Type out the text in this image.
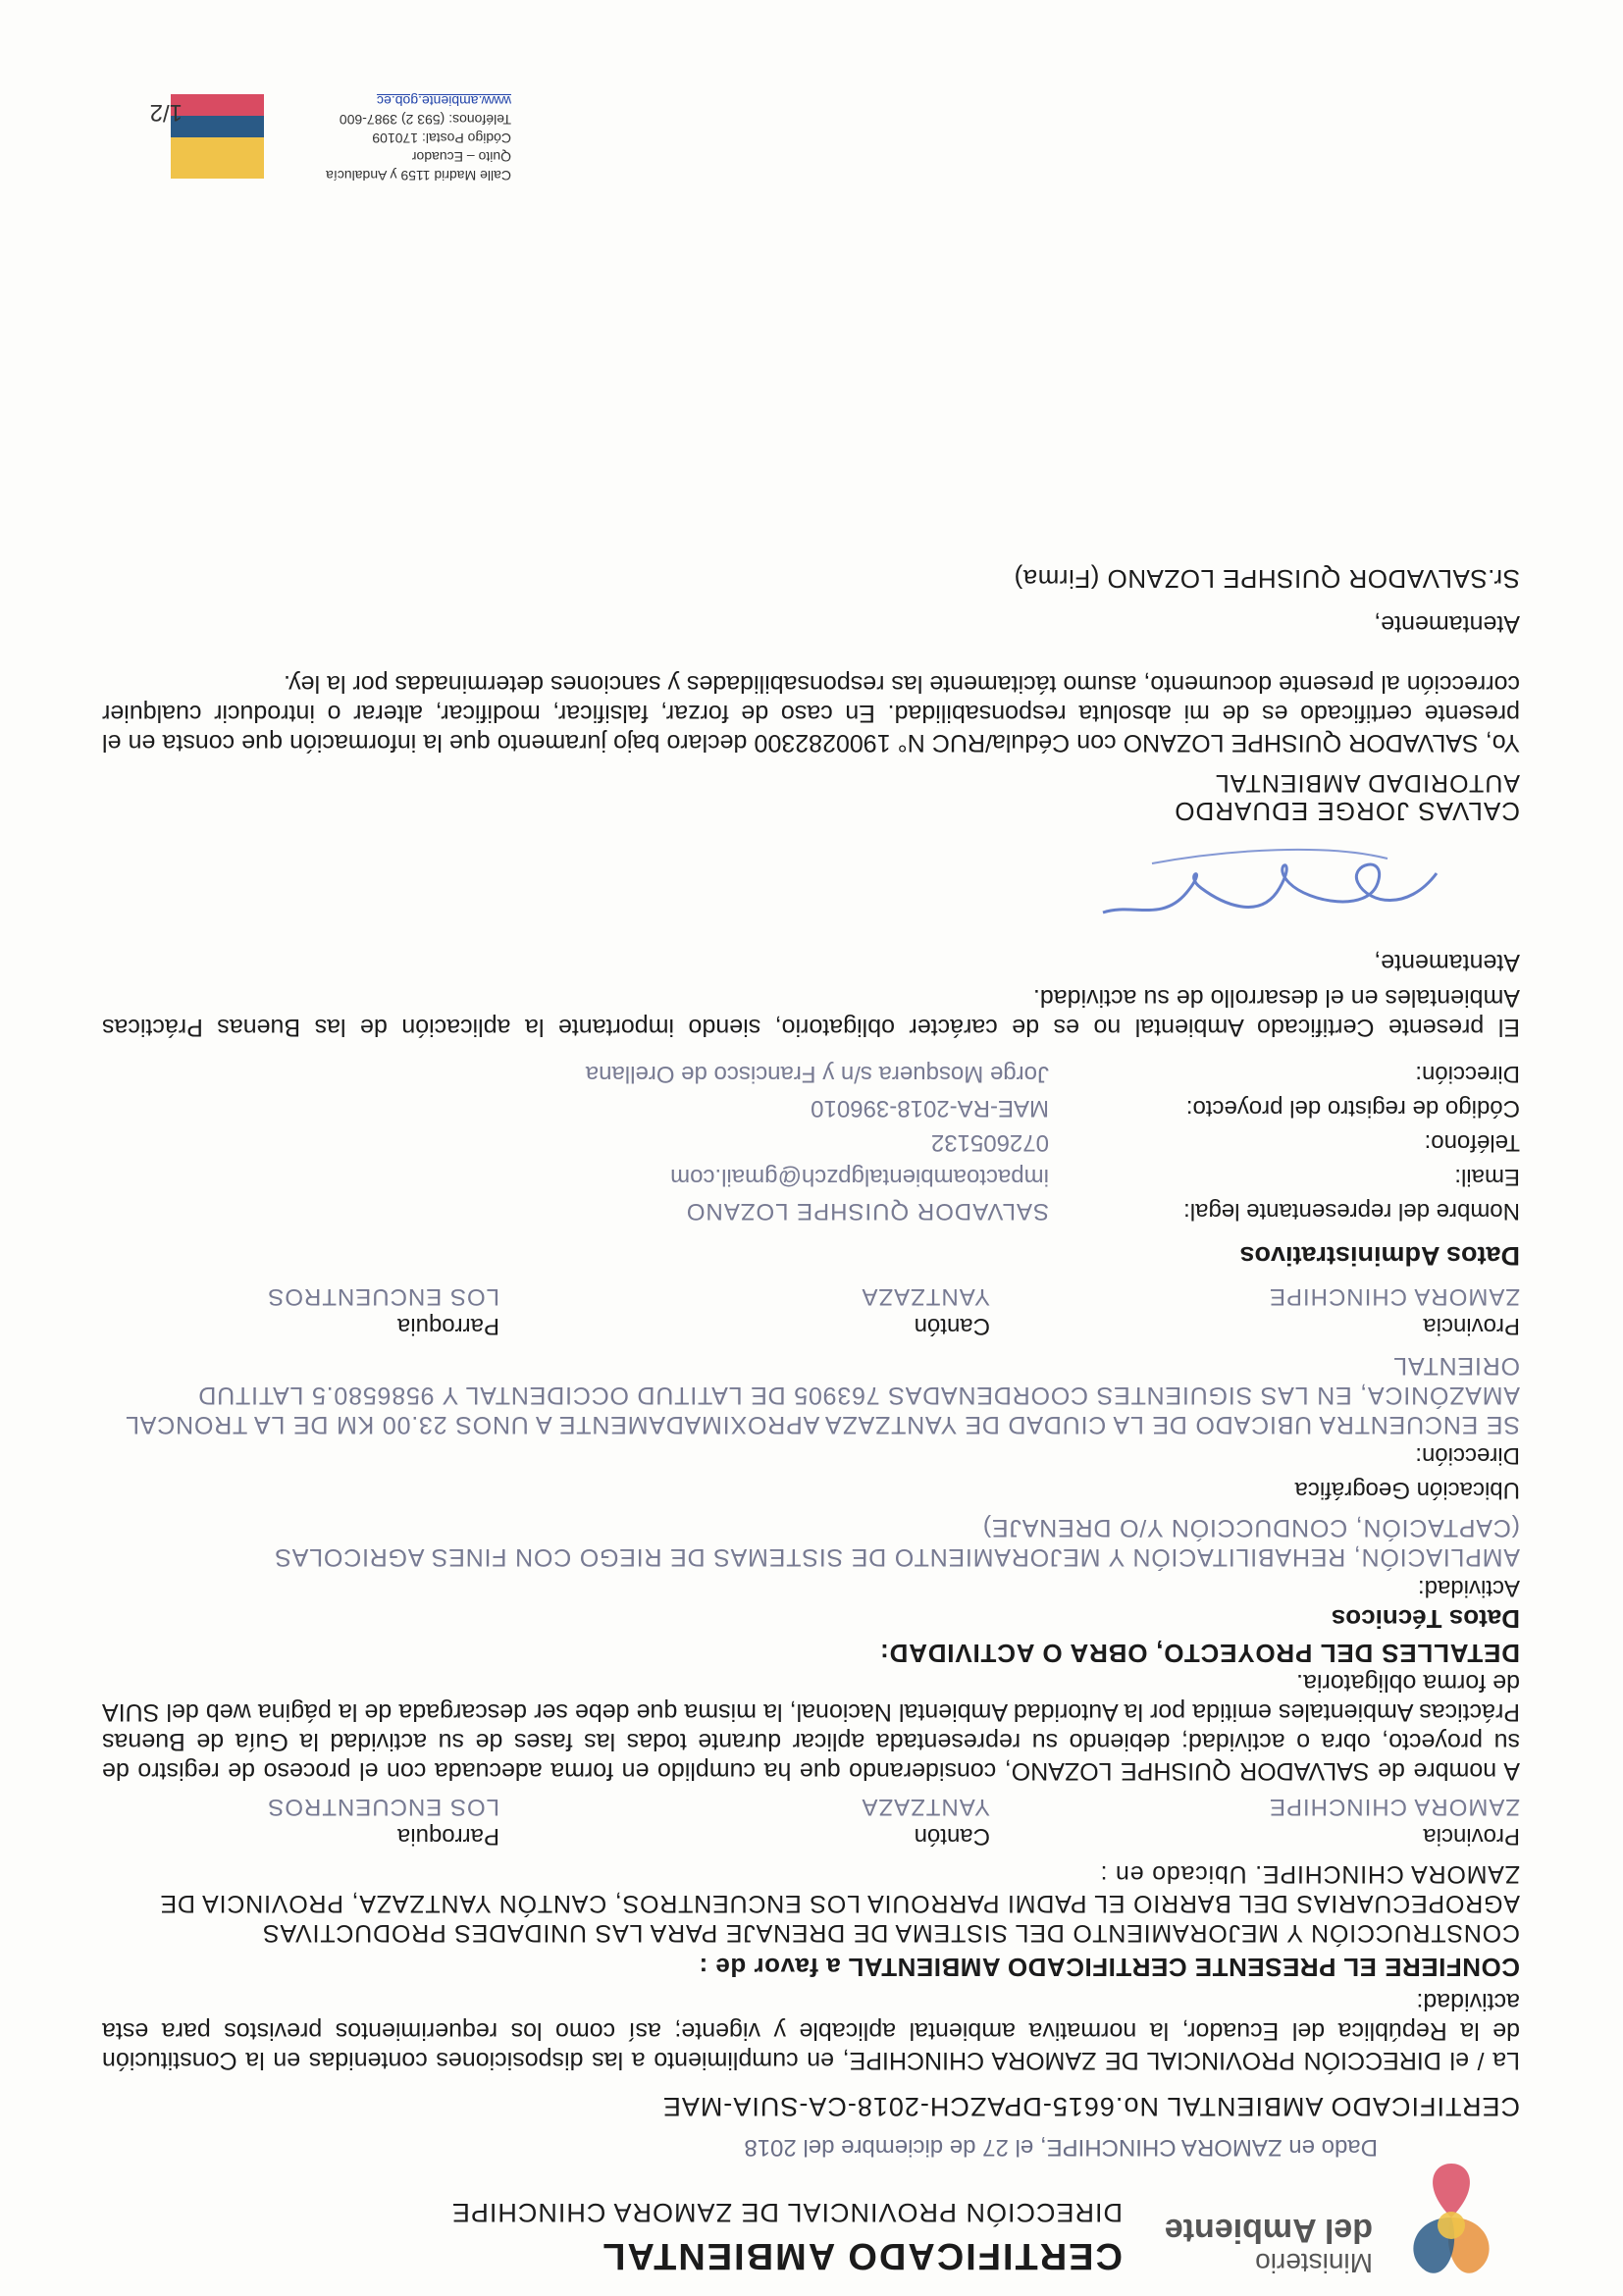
Ministerio
del Ambiente
CERTIFICADO AMBIENTAL
DIRECCIÓN PROVINCIAL DE ZAMORA CHINCHIPE
Dado en ZAMORA CHINCHIPE, el 27 de diciembre del 2018
CERTIFICADO AMBIENTAL No.6615-DPAZCH-2018-CA-SUIA-MAE
La / el DIRECCIÓN PROVINCIAL DE ZAMORA CHINCHIPE, en cumplimiento a las disposiciones contenidas en la Constitución de la República del Ecuador, la normativa ambiental aplicable y vigente; así como los requerimientos previstos para esta actividad:
CONFIERE EL PRESENTE CERTIFICADO AMBIENTAL a favor de :
CONSTRUCCIÓN Y MEJORAMIENTO DEL SISTEMA DE DRENAJE PARA LAS UNIDADES PRODUCTIVAS AGROPECUARIAS DEL BARRIO EL PADMI PARROUIA LOS ENCUENTROS, CANTÓN YANTZAZA, PROVINCIA DE ZAMORA CHINCHIPE. Ubicado en :
Provincia
Cantón
Parroquia
ZAMORA CHINCHIPE
YANTZAZA
LOS ENCUENTROS
A nombre de SALVADOR QUISHPE LOZANO, considerando que ha cumplido en forma adecuada con el proceso de registro de su proyecto, obra o actividad; debiendo su representada aplicar durante todas las fases de su actividad la Guía de Buenas Prácticas Ambientales emitida por la Autoridad Ambiental Nacional, la misma que debe ser descargada de la página web del SUIA de forma obligatoria.
DETALLES DEL PROYECTO, OBRA O ACTIVIDAD:
Datos Técnicos
Actividad:
AMPLIACIÓN, REHABILITACIÓN Y MEJORAMIENTO DE SISTEMAS DE RIEGO CON FINES AGRICOLAS (CAPTACIÓN, CONDUCCIÓN Y/O DRENAJE)
Ubicación Geográfica
Dirección:
SE ENCUENTRA UBICADO DE LA CIUDAD DE YANTZAZA APROXIMADAMENTE A UNOS 23.00 KM DE LA TRONCAL AMAZÓNICA, EN LAS SIGUIENTES COORDENADAS 763905 DE LATITUD OCCIDENTAL Y 9586580.5 LATITUD ORIENTAL
Provincia
Cantón
Parroquia
ZAMORA CHINCHIPE
YANTZAZA
LOS ENCUENTROS
Datos Administrativos
Nombre del representante legal:
SALVADOR QUISHPE LOZANO
Email:
impactoambientalgpzch@gmail.com
Teléfono:
072605132
Código de registro del proyecto:
MAE-RA-2018-396010
Dirección:
Jorge Mosquera s/n y Francisco de Orellana
El presente Certificado Ambiental no es de carácter obligatorio, siendo importante la aplicación de las Buenas Prácticas Ambientales en el desarrollo de su actividad.
Atentamente,
CALVAS JORGE EDUARDO
AUTORIDAD AMBIENTAL
Yo, SALVADOR QUISHPE LOZANO con Cédula/RUC N° 1900282300 declaro bajo juramento que la información que consta en el presente certificado es de mi absoluta responsabilidad. En caso de forzar, falsificar, modificar, alterar o introducir cualquier corrección al presente documento, asumo tácitamente las responsabilidades y sanciones determinadas por la ley.
Atentamente,
Sr.SALVADOR QUISHPE LOZANO (Firma)
Calle Madrid 1159 y Andalucía
Quito – Ecuador
Código Postal: 170109
Teléfonos: (593 2) 3987-600
www.ambiente.gob.ec
1/2
